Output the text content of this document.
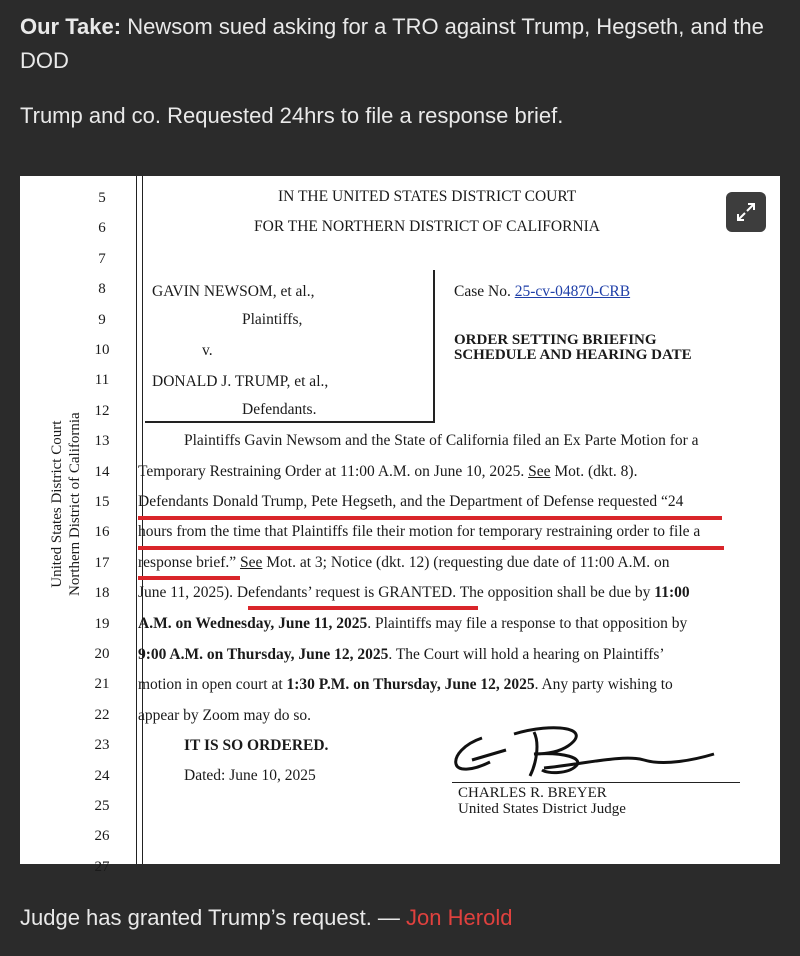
Our Take: Newsom sued asking for a TRO against Trump, Hegseth, and the DOD
Trump and co. Requested 24hrs to file a response brief.
5
6
7
8
9
10
11
12
13
14
15
16
17
18
19
20
21
22
23
24
25
26
27
United States District Court Northern District of California
IN THE UNITED STATES DISTRICT COURT
FOR THE NORTHERN DISTRICT OF CALIFORNIA
GAVIN NEWSOM, et al.,
Plaintiffs,
v.
DONALD J. TRUMP, et al.,
Defendants.
Case No. 25-cv-04870-CRB
ORDER SETTING BRIEFING
SCHEDULE AND HEARING DATE
Plaintiffs Gavin Newsom and the State of California filed an Ex Parte Motion for a
Temporary Restraining Order at 11:00 A.M. on June 10, 2025. See Mot. (dkt. 8).
Defendants Donald Trump, Pete Hegseth, and the Department of Defense requested “24
hours from the time that Plaintiffs file their motion for temporary restraining order to file a
response brief.” See Mot. at 3; Notice (dkt. 12) (requesting due date of 11:00 A.M. on
June 11, 2025). Defendants’ request is GRANTED. The opposition shall be due by 11:00
A.M. on Wednesday, June 11, 2025. Plaintiffs may file a response to that opposition by
9:00 A.M. on Thursday, June 12, 2025. The Court will hold a hearing on Plaintiffs’
motion in open court at 1:30 P.M. on Thursday, June 12, 2025. Any party wishing to
appear by Zoom may do so.
IT IS SO ORDERED.
Dated: June 10, 2025
CHARLES R. BREYER
United States District Judge
Judge has granted Trump’s request. — Jon Herold
